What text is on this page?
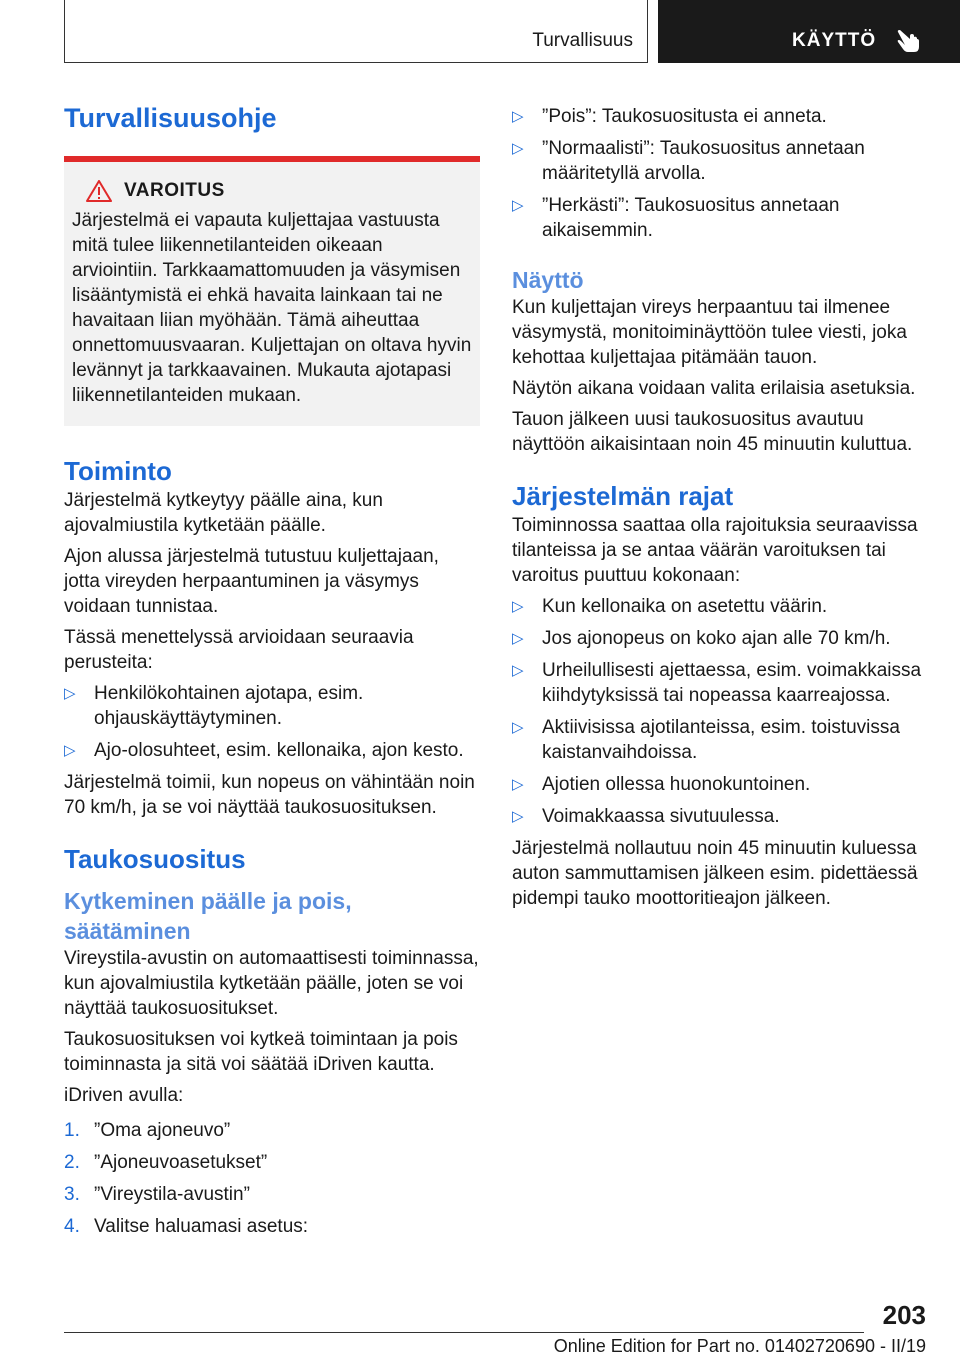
Turvallisuus	KÄYTTÖ
Turvallisuusohje
VAROITUS

Järjestelmä ei vapauta kuljettajaa vastuusta mitä tulee liikennetilanteiden oikeaan arviointiin. Tarkkaamattomuuden ja väsymisen lisääntymistä ei ehkä havaita lainkaan tai ne havaitaan liian myöhään. Tämä aiheuttaa onnettomuusvaaran. Kuljettajan on oltava hyvin levännyt ja tarkkaavainen. Mukauta ajotapasi liikennetilanteiden mukaan.

Toiminto

Järjestelmä kytkeytyy päälle aina, kun ajovalmiustila kytketään päälle.

Ajon alussa järjestelmä tutustuu kuljettajaan, jotta vireyden herpaantuminen ja väsymys voidaan tunnistaa.

Tässä menettelyssä arvioidaan seuraavia perusteita:

▷ Henkilökohtainen ajotapa, esim. ohjauskäyttäytyminen.
▷ Ajo-olosuhteet, esim. kellonaika, ajon kesto.

Järjestelmä toimii, kun nopeus on vähintään noin 70 km/h, ja se voi näyttää taukosuosituksen.

Taukosuositus
Kytkeminen päälle ja pois, säätäminen

Vireystila-avustin on automaattisesti toiminnassa, kun ajovalmiustila kytketään päälle, joten se voi näyttää taukosuositukset.

Taukosuosituksen voi kytkeä toimintaan ja pois toiminnasta ja sitä voi säätää iDriven kautta.

iDriven avulla:

1. ”Oma ajoneuvo”
2. ”Ajoneuvoasetukset”
3. ”Vireystila-avustin”
4. Valitse haluamasi asetus:
▷ ”Pois”: Taukosuositusta ei anneta.
▷ ”Normaalisti”: Taukosuositus annetaan määritetyllä arvolla.
▷ ”Herkästi”: Taukosuositus annetaan aikaisemmin.
Näyttö

Kun kuljettajan vireys herpaantuu tai ilmenee väsymystä, monitoiminäyttöön tulee viesti, joka kehottaa kuljettajaa pitämään tauon.

Näytön aikana voidaan valita erilaisia asetuksia.

Tauon jälkeen uusi taukosuositus avautuu näyttöön aikaisintaan noin 45 minuutin kuluttua.

Järjestelmän rajat

Toiminnossa saattaa olla rajoituksia seuraavissa tilanteissa ja se antaa väärän varoituksen tai varoitus puuttuu kokonaan:

▷ Kun kellonaika on asetettu väärin.
▷ Jos ajonopeus on koko ajan alle 70 km/h.
▷ Urheilullisesti ajettaessa, esim. voimakkaissa kiihdytyksissä tai nopeassa kaarreajossa.
▷ Aktiivisissa ajotilanteissa, esim. toistuvissa kaistanvaihdoissa.
▷ Ajotien ollessa huonokuntoinen.
▷ Voimakkaassa sivutuulessa.

Järjestelmä nollautuu noin 45 minuutin kuluessa auton sammuttamisen jälkeen esim. pidettäessä pidempi tauko moottoritieajon jälkeen.

203
Online Edition for Part no. 01402720690 - II/19
